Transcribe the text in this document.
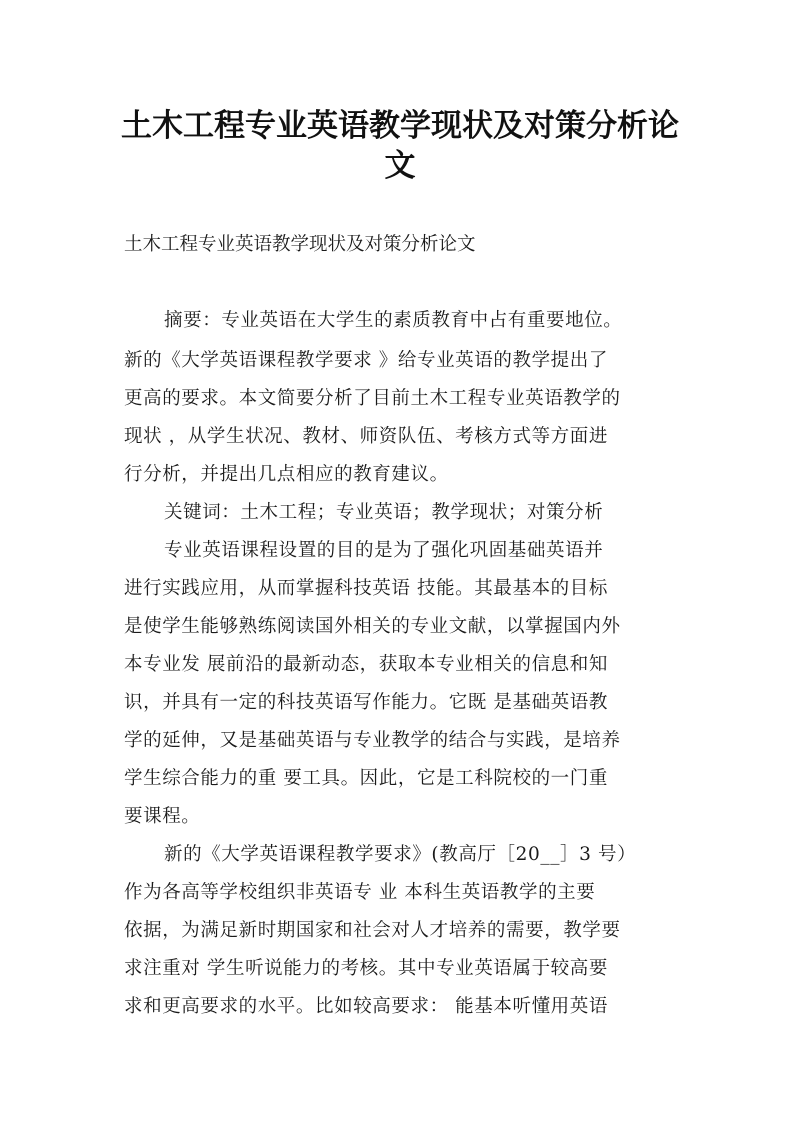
土木工程专业英语教学现状及对策分析论
文
土木工程专业英语教学现状及对策分析论文
摘要：专业英语在大学生的素质教育中占有重要地位。
新的《大学英语课程教学要求 》给专业英语的教学提出了
更高的要求。本文简要分析了目前土木工程专业英语教学的
现状 ，从学生状况、教材、师资队伍、考核方式等方面进
行分析，并提出几点相应的教育建议。
关键词：土木工程；专业英语；教学现状；对策分析
专业英语课程设置的目的是为了强化巩固基础英语并
进行实践应用，从而掌握科技英语 技能。其最基本的目标
是使学生能够熟练阅读国外相关的专业文献，以掌握国内外
本专业发 展前沿的最新动态，获取本专业相关的信息和知
识，并具有一定的科技英语写作能力。它既 是基础英语教
学的延伸，又是基础英语与专业教学的结合与实践，是培养
学生综合能力的重 要工具。因此，它是工科院校的一门重
要课程。
新的《大学英语课程教学要求》(教高厅［20__］3 号）
作为各高等学校组织非英语专 业 本科生英语教学的主要
依据，为满足新时期国家和社会对人才培养的需要，教学要
求注重对 学生听说能力的考核。其中专业英语属于较高要
求和更高要求的水平。比如较高要求： 能基本听懂用英语
